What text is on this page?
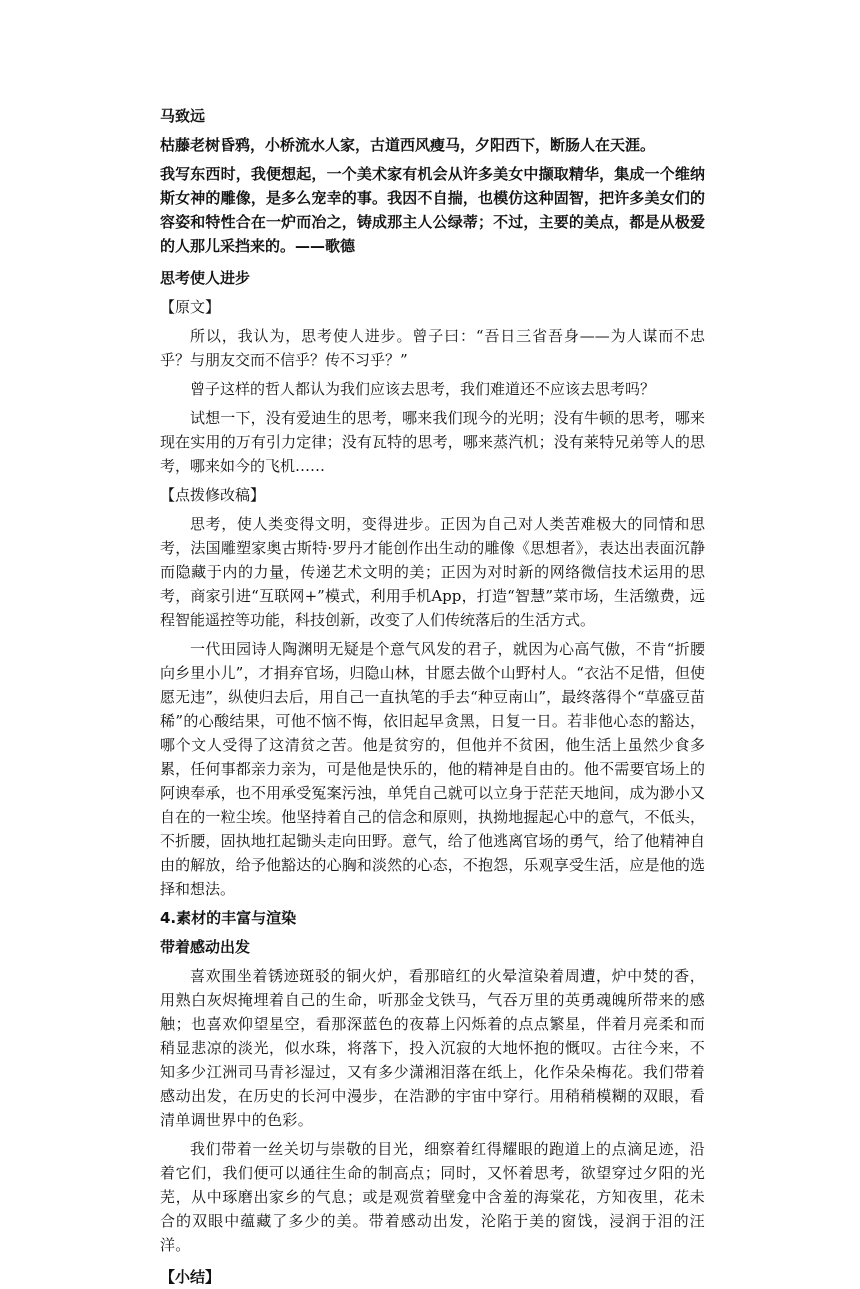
马致远

枯藤老树昏鸦，小桥流水人家，古道西风瘦马，夕阳西下，断肠人在天涯。

我写东西时，我便想起，一个美术家有机会从许多美女中撷取精华，集成一个维纳斯女神的雕像，是多么宠幸的事。我因不自揣，也模仿这种固智，把许多美女们的容姿和特性合在一炉而冶之，铸成那主人公绿蒂；不过，主要的美点，都是从极爱的人那儿采挡来的。——歌德

思考使人进步

【原文】

所以，我认为，思考使人进步。曾子曰：“吾日三省吾身——为人谋而不忠乎？与朋友交而不信乎？传不习乎？”

曾子这样的哲人都认为我们应该去思考，我们难道还不应该去思考吗？

试想一下，没有爱迪生的思考，哪来我们现今的光明；没有牛顿的思考，哪来现在实用的万有引力定律；没有瓦特的思考，哪来蒸汽机；没有莱特兄弟等人的思考，哪来如今的飞机……

【点拨修改稿】

思考，使人类变得文明，变得进步。正因为自己对人类苦难极大的同情和思考，法国雕塑家奥古斯特·罗丹才能创作出生动的雕像《思想者》，表达出表面沉静而隐藏于内的力量，传递艺术文明的美；正因为对时新的网络微信技术运用的思考，商家引进“互联网+”模式，利用手机App，打造“智慧”菜市场，生活缴费，远程智能遥控等功能，科技创新，改变了人们传统落后的生活方式。

一代田园诗人陶渊明无疑是个意气风发的君子，就因为心高气傲，不肯“折腰向乡里小儿”，才捐弃官场，归隐山林，甘愿去做个山野村人。“衣沾不足惜，但使愿无违”，纵使归去后，用自己一直执笔的手去“种豆南山”，最终落得个“草盛豆苗稀”的心酸结果，可他不恼不悔，依旧起早贪黑，日复一日。若非他心态的豁达，哪个文人受得了这清贫之苦。他是贫穷的，但他并不贫困，他生活上虽然少食多累，任何事都亲力亲为，可是他是快乐的，他的精神是自由的。他不需要官场上的阿谀奉承，也不用承受冤案污浊，单凭自己就可以立身于茫茫天地间，成为渺小又自在的一粒尘埃。他坚持着自己的信念和原则，执拗地握起心中的意气，不低头，不折腰，固执地扛起锄头走向田野。意气，给了他逃离官场的勇气，给了他精神自由的解放，给予他豁达的心胸和淡然的心态，不抱怨，乐观享受生活，应是他的选择和想法。

4.素材的丰富与渲染

带着感动出发

喜欢围坐着锈迹斑驳的铜火炉，看那暗红的火晕渲染着周遭，炉中焚的香，用熟白灰烬掩埋着自己的生命，听那金戈铁马，气吞万里的英勇魂魄所带来的感触；也喜欢仰望星空，看那深蓝色的夜幕上闪烁着的点点繁星，伴着月亮柔和而稍显悲凉的淡光，似水珠，将落下，投入沉寂的大地怀抱的慨叹。古往今来，不知多少江洲司马青衫湿过，又有多少潇湘泪落在纸上，化作朵朵梅花。我们带着感动出发，在历史的长河中漫步，在浩渺的宇宙中穿行。用稍稍模糊的双眼，看清单调世界中的色彩。

我们带着一丝关切与崇敬的目光，细察着红得耀眼的跑道上的点滴足迹，沿着它们，我们便可以通往生命的制高点；同时，又怀着思考，欲望穿过夕阳的光芜，从中琢磨出家乡的气息；或是观赏着壁龛中含羞的海棠花，方知夜里，花未合的双眼中蕴藏了多少的美。带着感动出发，沦陷于美的窗饯，浸润于泪的汪洋。

【小结】
